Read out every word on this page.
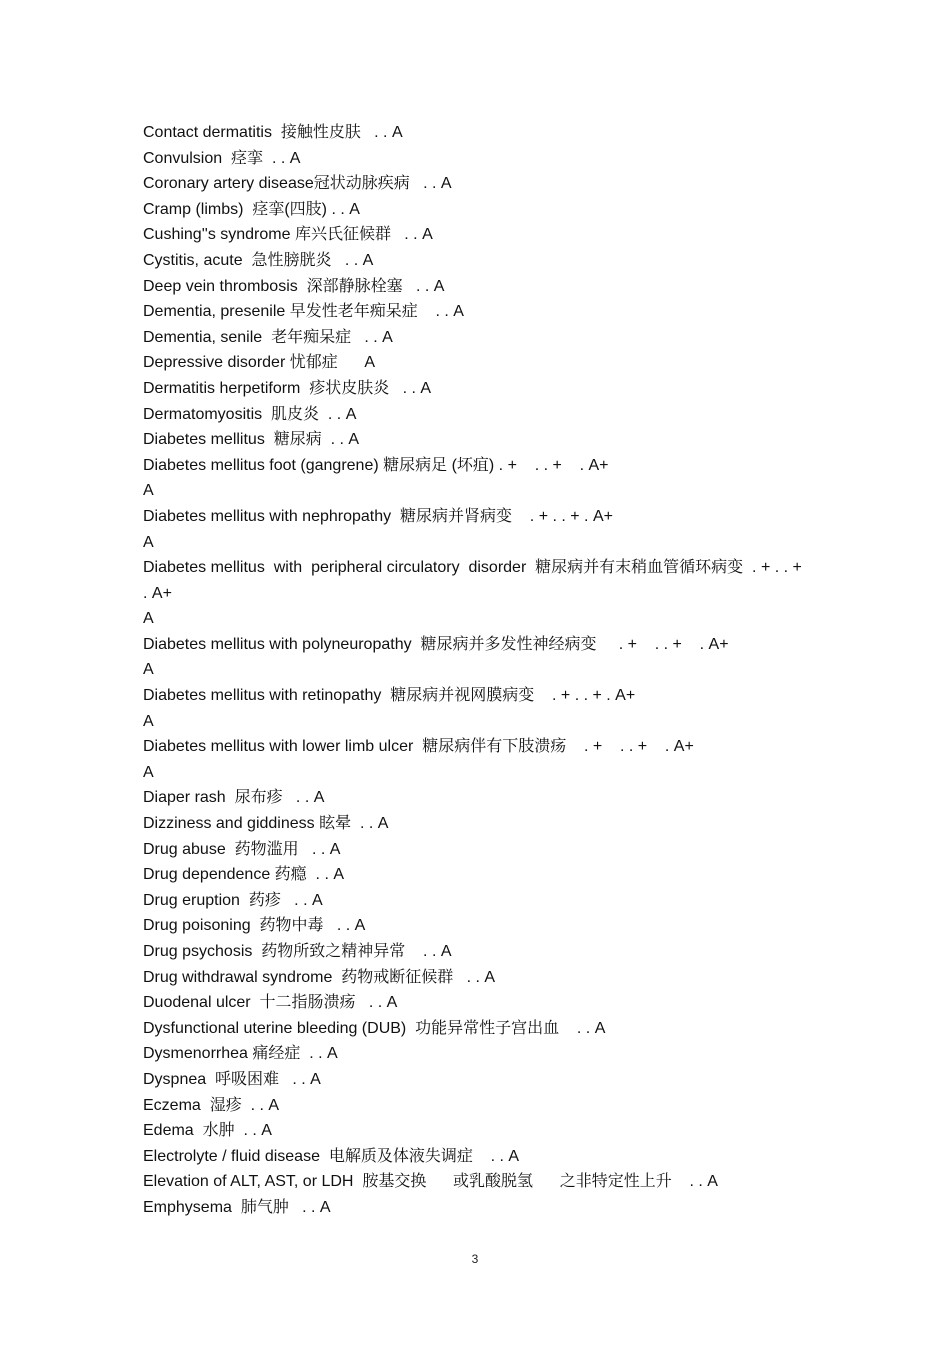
Contact dermatitis  接触性皮肤   . . A
Convulsion  痉挛  . . A
Coronary artery disease冠状动脉疾病   . . A
Cramp (limbs)  痉挛(四肢) . . A
Cushing''s syndrome 库兴氏征候群   . . A
Cystitis, acute  急性膀胱炎   . . A
Deep vein thrombosis  深部静脉栓塞   . . A
Dementia, presenile 早发性老年痴呆症    . . A
Dementia, senile  老年痴呆症   . . A
Depressive disorder 忧郁症      A
Dermatitis herpetiform  疹状皮肤炎   . . A
Dermatomyositis  肌皮炎  . . A
Diabetes mellitus  糖尿病  . . A
Diabetes mellitus foot (gangrene) 糖尿病足 (坏疽) . +    . . +    . A+
A
Diabetes mellitus with nephropathy  糖尿病并肾病变    . + . . + . A+
A
Diabetes mellitus  with  peripheral circulatory  disorder  糖尿病并有末稍血管循环病变  . + . . + . A+
A
Diabetes mellitus with polyneuropathy  糖尿病并多发性神经病变     . +    . . +    . A+
A
Diabetes mellitus with retinopathy  糖尿病并视网膜病变    . + . . + . A+
A
Diabetes mellitus with lower limb ulcer  糖尿病伴有下肢溃疡    . +    . . +    . A+
A
Diaper rash  尿布疹   . . A
Dizziness and giddiness 眩晕  . . A
Drug abuse  药物滥用   . . A
Drug dependence 药瘾  . . A
Drug eruption  药疹   . . A
Drug poisoning  药物中毒   . . A
Drug psychosis  药物所致之精神异常    . . A
Drug withdrawal syndrome  药物戒断征候群   . . A
Duodenal ulcer  十二指肠溃疡   . . A
Dysfunctional uterine bleeding (DUB)  功能异常性子宫出血    . . A
Dysmenorrhea 痛经症  . . A
Dyspnea  呼吸困难   . . A
Eczema  湿疹  . . A
Edema  水肿  . . A
Electrolyte / fluid disease  电解质及体液失调症    . . A
Elevation of ALT, AST, or LDH  胺基交换      或乳酸脱氢      之非特定性上升    . . A
Emphysema  肺气肿   . . A
3
